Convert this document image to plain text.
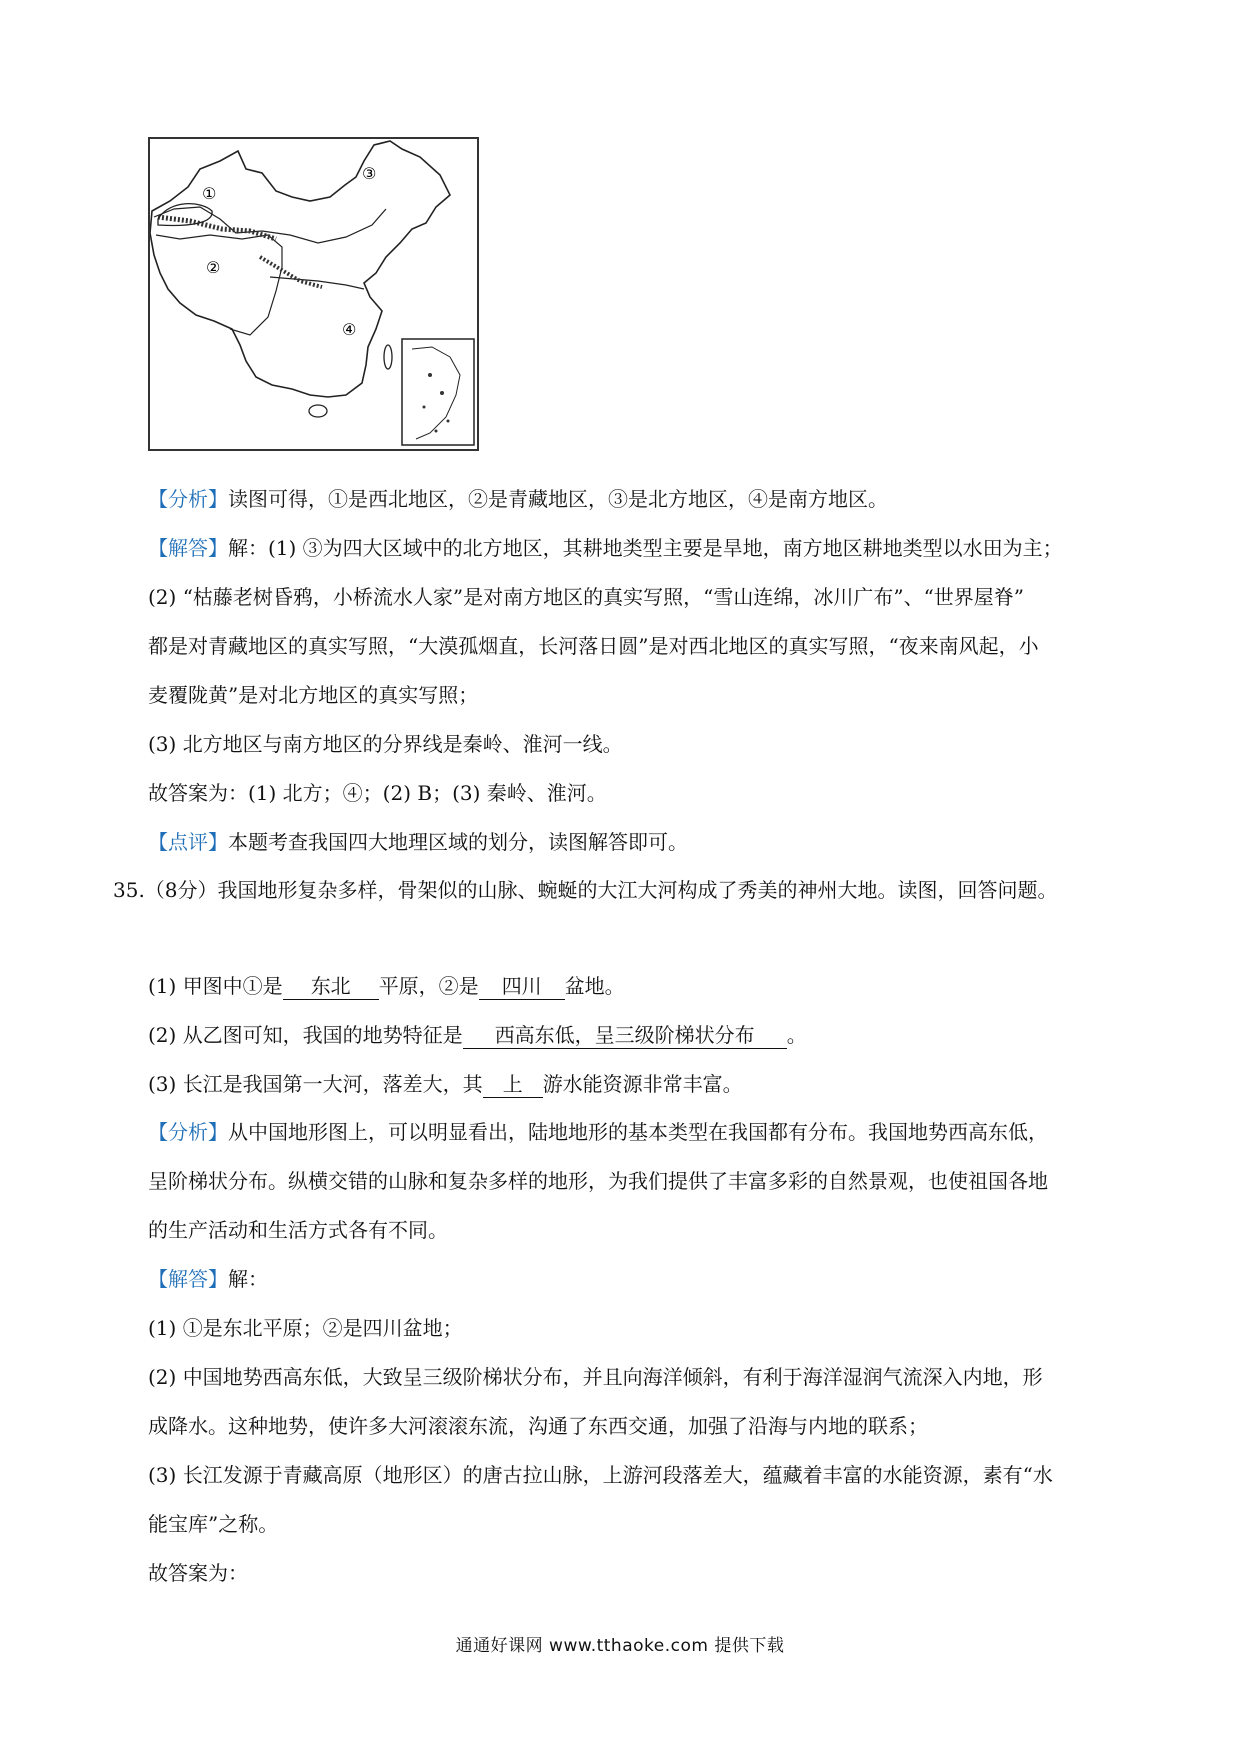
①
②
③
④
【分析】读图可得，①是西北地区，②是青藏地区，③是北方地区，④是南方地区。
【解答】解：(1) ③为四大区域中的北方地区，其耕地类型主要是旱地，南方地区耕地类型以水田为主；
(2) “枯藤老树昏鸦，小桥流水人家”是对南方地区的真实写照，“雪山连绵，冰川广布”、“世界屋脊”
都是对青藏地区的真实写照，“大漠孤烟直，长河落日圆”是对西北地区的真实写照，“夜来南风起，小
麦覆陇黄”是对北方地区的真实写照；
(3) 北方地区与南方地区的分界线是秦岭、淮河一线。
故答案为：(1) 北方；④；(2) B；(3) 秦岭、淮河。
【点评】本题考查我国四大地理区域的划分，读图解答即可。
35.（8分）我国地形复杂多样，骨架似的山脉、蜿蜒的大江大河构成了秀美的神州大地。读图，回答问题。
(1) 甲图中①是 东北 平原，②是 四川 盆地。
(2) 从乙图可知，我国的地势特征是 西高东低，呈三级阶梯状分布 。
(3) 长江是我国第一大河，落差大，其 上 游水能资源非常丰富。
【分析】从中国地形图上，可以明显看出，陆地地形的基本类型在我国都有分布。我国地势西高东低，
呈阶梯状分布。纵横交错的山脉和复杂多样的地形，为我们提供了丰富多彩的自然景观，也使祖国各地
的生产活动和生活方式各有不同。
【解答】解：
(1) ①是东北平原；②是四川盆地；
(2) 中国地势西高东低，大致呈三级阶梯状分布，并且向海洋倾斜，有利于海洋湿润气流深入内地，形
成降水。这种地势，使许多大河滚滚东流，沟通了东西交通，加强了沿海与内地的联系；
(3) 长江发源于青藏高原（地形区）的唐古拉山脉，上游河段落差大，蕴藏着丰富的水能资源，素有“水
能宝库”之称。
故答案为：
通通好课网 www.tthaoke.com 提供下载
